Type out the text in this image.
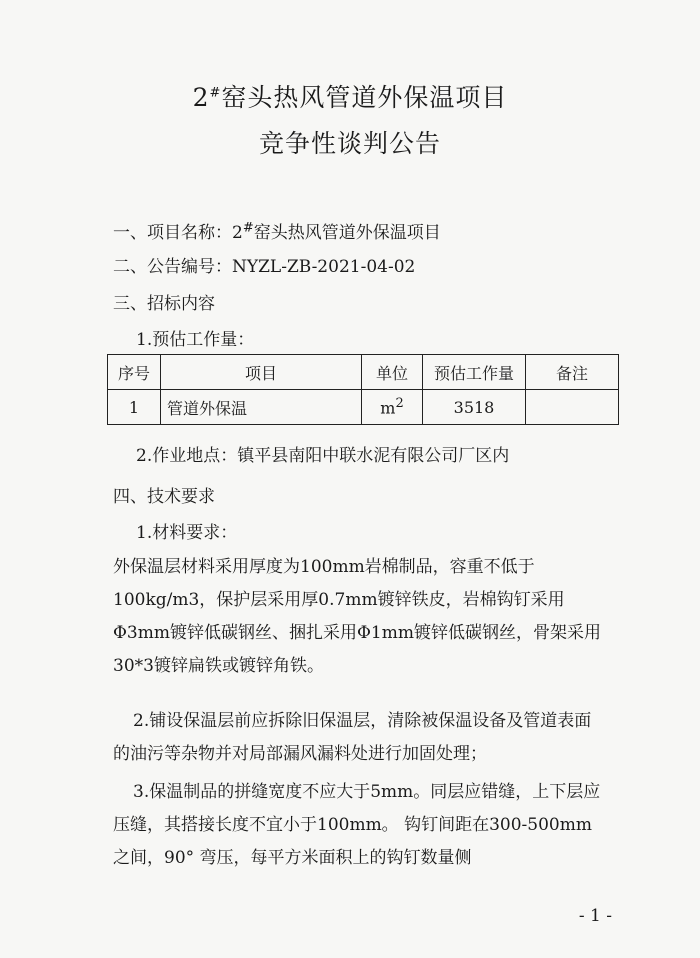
2#窑头热风管道外保温项目
竞争性谈判公告
一、项目名称：2#窑头热风管道外保温项目
二、公告编号：NYZL-ZB-2021-04-02
三、招标内容
1.预估工作量：
序号	项目	单位	预估工作量	备注
1	管道外保温	$m^2$	3518	
2.作业地点：镇平县南阳中联水泥有限公司厂区内
四、技术要求
1.材料要求：
外保温层材料采用厚度为100mm岩棉制品，容重不低于100kg/m3，保护层采用厚0.7mm镀锌铁皮，岩棉钩钉采用Φ3mm镀锌低碳钢丝、捆扎采用Φ1mm镀锌低碳钢丝，骨架采用30*3镀锌扁铁或镀锌角铁。
2.铺设保温层前应拆除旧保温层，清除被保温设备及管道表面的油污等杂物并对局部漏风漏料处进行加固处理；
3.保温制品的拼缝宽度不应大于5mm。同层应错缝，上下层应压缝，其搭接长度不宜小于100mm。 钩钉间距在300-500mm之间，90° 弯压，每平方米面积上的钩钉数量侧
- 1 -
